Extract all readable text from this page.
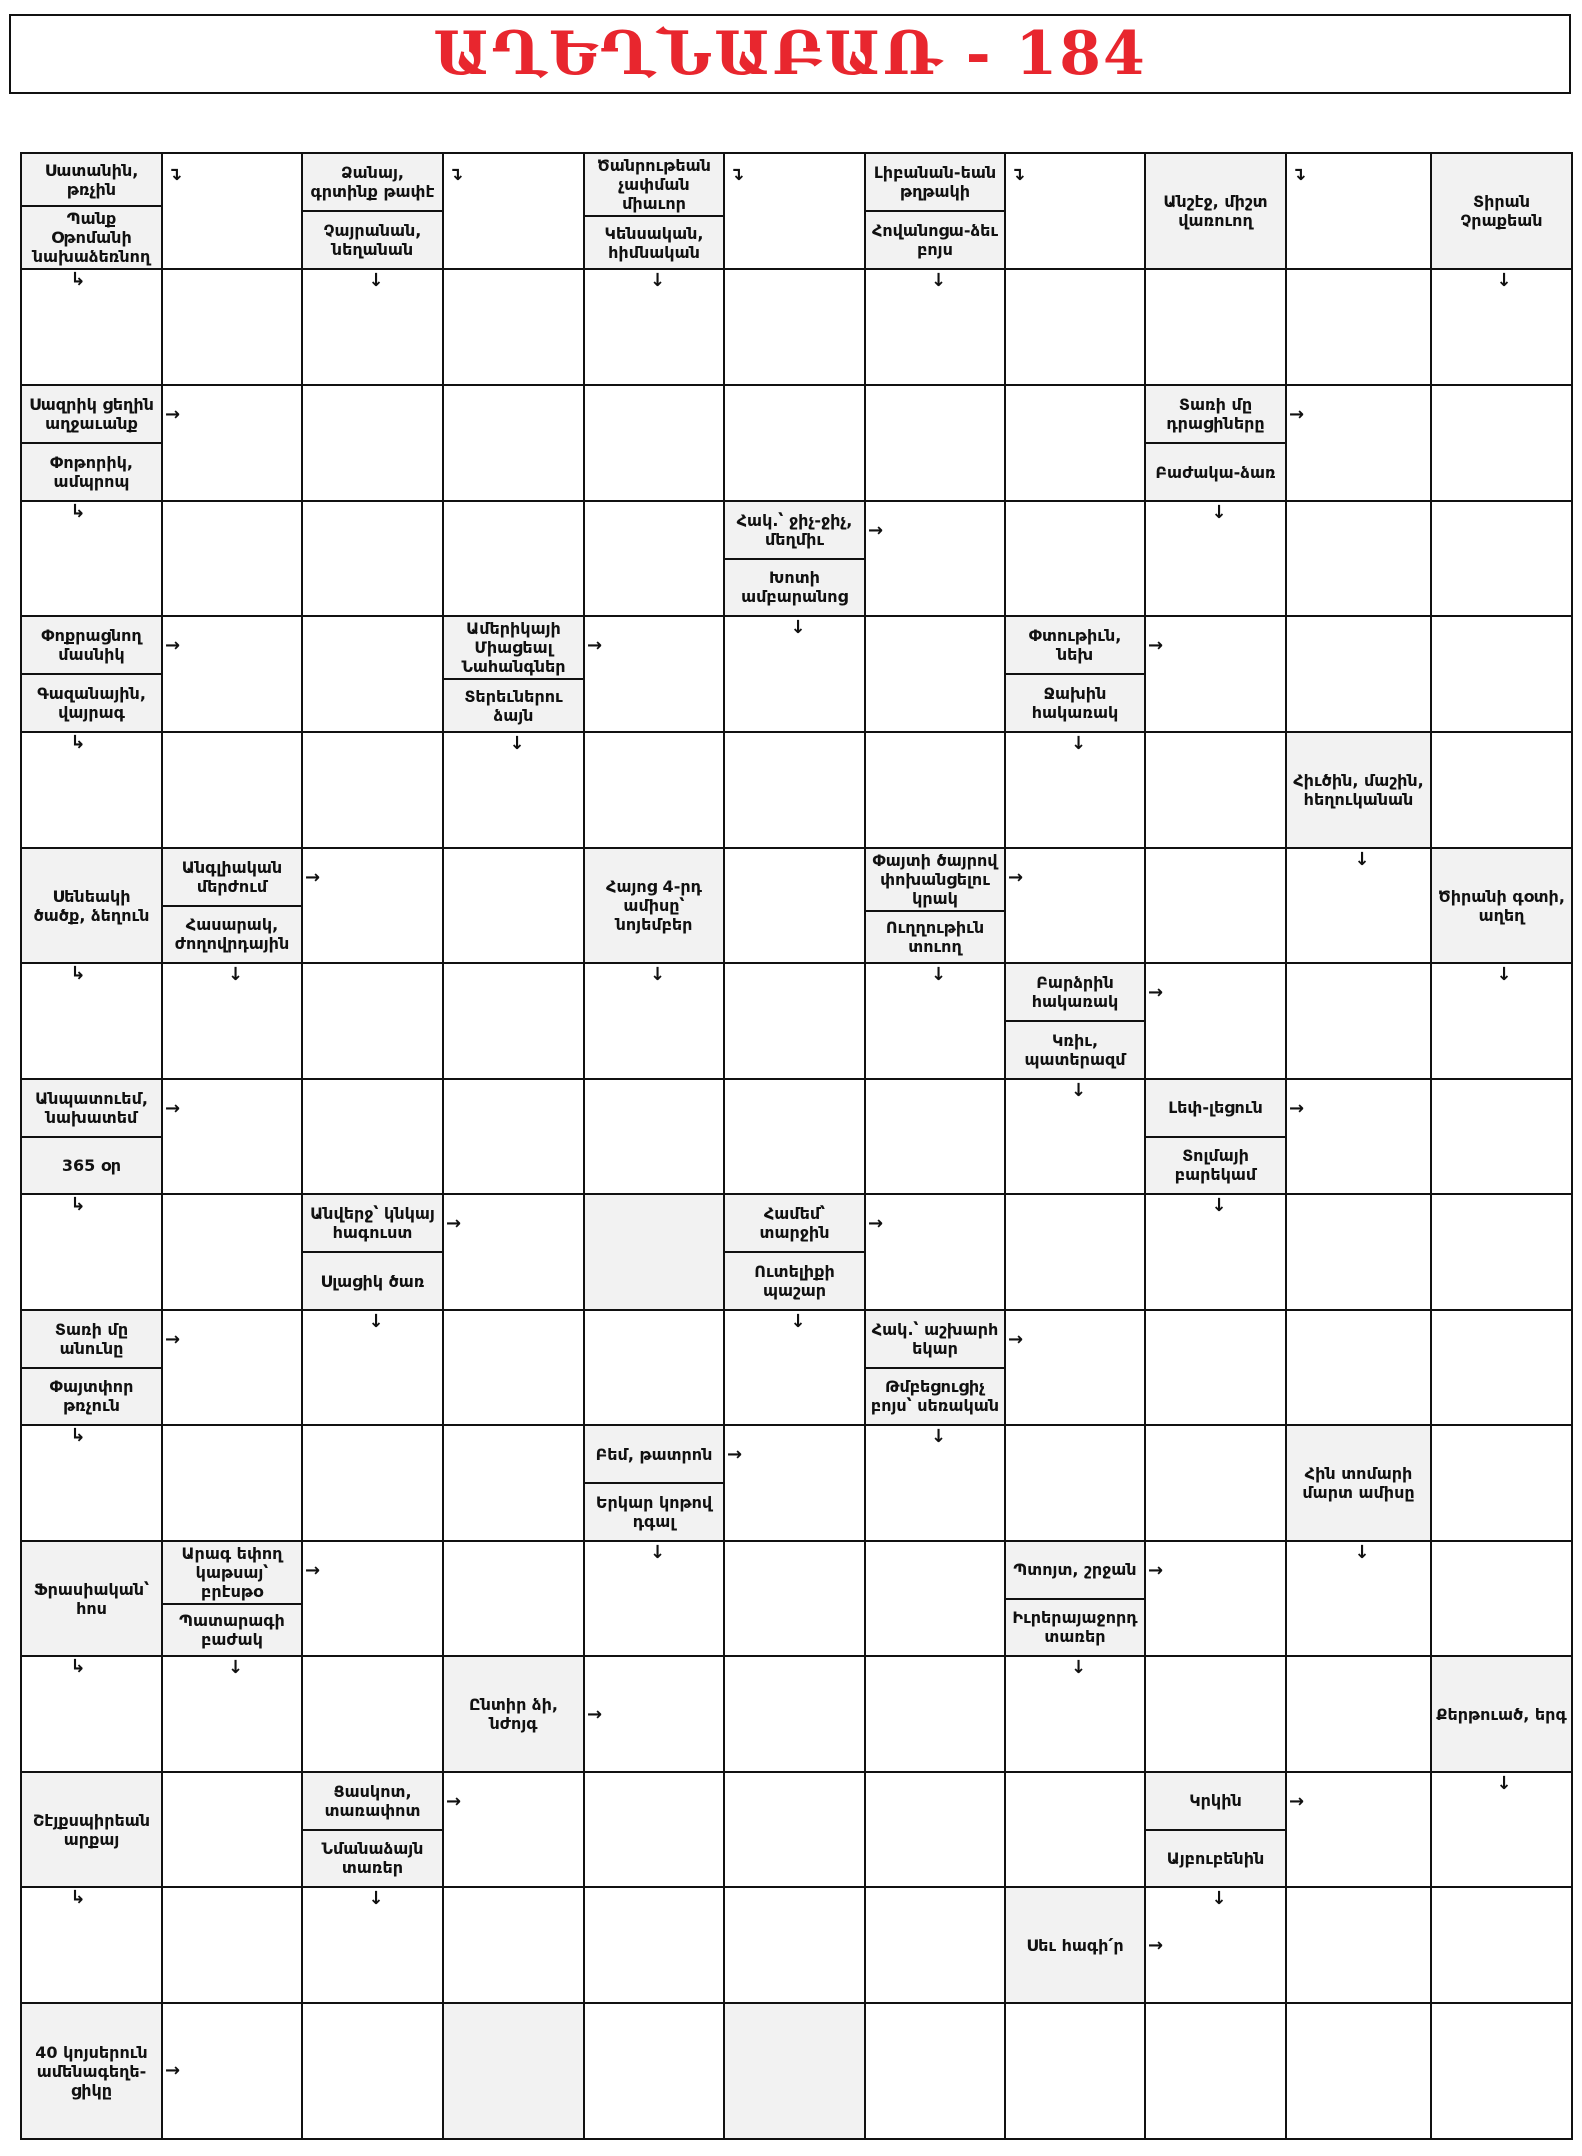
ԱՂԵՂՆԱԲԱՌ - 184
Սատանին, թռչին
Պանք Օթոմանի նախաձեռնող
↴
↳
Ձանայ, գրտինք թափէ
Չայրանան, նեղանան
↴
↓
Ծանրութեան չափման միաւոր
Կենսական, հիմնական
↴
↓
Լիբանան-եան թղթակի
Հովանոցա-ձեւ բոյս
↴
↓
Անշէջ, միշտ վառուող
↴
Տիրան Չրաքեան
↓
Սազրիկ ցեղին աղջաւանք
Փոթորիկ, ամպրոպ
→
↳
Տառի մը դրացիները
Բաժակա-ձառ
→
↓
Հակ.՝ ջիչ-ջիչ, մեղմիւ
Խոտի ամբարանոց
→
↓
Փոքրացնող մասնիկ
Գազանային, վայրագ
→
↳
Ամերիկայի Միացեալ Նահանգներ
Տերեւներու ձայն
→
↓
Փտութիւն, նեխ
Ջախին հակառակ
→
↓
Հիւծին, մաշին, հեղուկանան
↓
Սենեակի ծածք, ձեղուն
↳
Անգլիական մերժում
Հասարակ, ժողովրդային
→
↓
Հայոց 4-րդ ամիսը՝ նոյեմբեր
↓
Փայտի ծայրով փոխանցելու կրակ
Ուղղութիւն տուող
→
↓
Ծիրանի գօտի, աղեղ
↓
Բարձրին հակառակ
Կռիւ, պատերազմ
→
↓
Անպատուեմ, նախատեմ
365 օր
→
↳
Լեփ-լեցուն
Տոլմայի բարեկամ
→
↓
Անվերջ՝ կնկայ հագուստ
Սլացիկ ծառ
→
↓
Համեմ՝ տարջին
Ուտելիքի պաշար
→
↓
Տառի մը անունը
Փայտփոր թռչուն
→
↳
Հակ.՝ աշխարհ եկար
Թմբեցուցիչ բոյս՝ սեռական
→
↓
Բեմ, թատրոն
Երկար կոթով դգալ
→
↓
Հին տոմարի մարտ ամիսը
↓
Ֆրասիական՝ հոս
↳
Արագ եփող կաթսայ՝ բրէսթօ
Պատարագի բաժակ
→
↓
Պտոյտ, շրջան
Իւրերայաջորդ տառեր
→
↓
Ընտիր ձի, նժոյգ	→	Քերթուած, երգ
↓
Շէյքսպիրեան արքայ
↳
Ցասկոտ, տառափոտ
Նմանաձայն տառեր
→
↓
Կրկին
Այբուբենին
→
↓
Սեւ հագի՛ր	→
40 կոյսերուն ամենագեղե-ցիկը
→
